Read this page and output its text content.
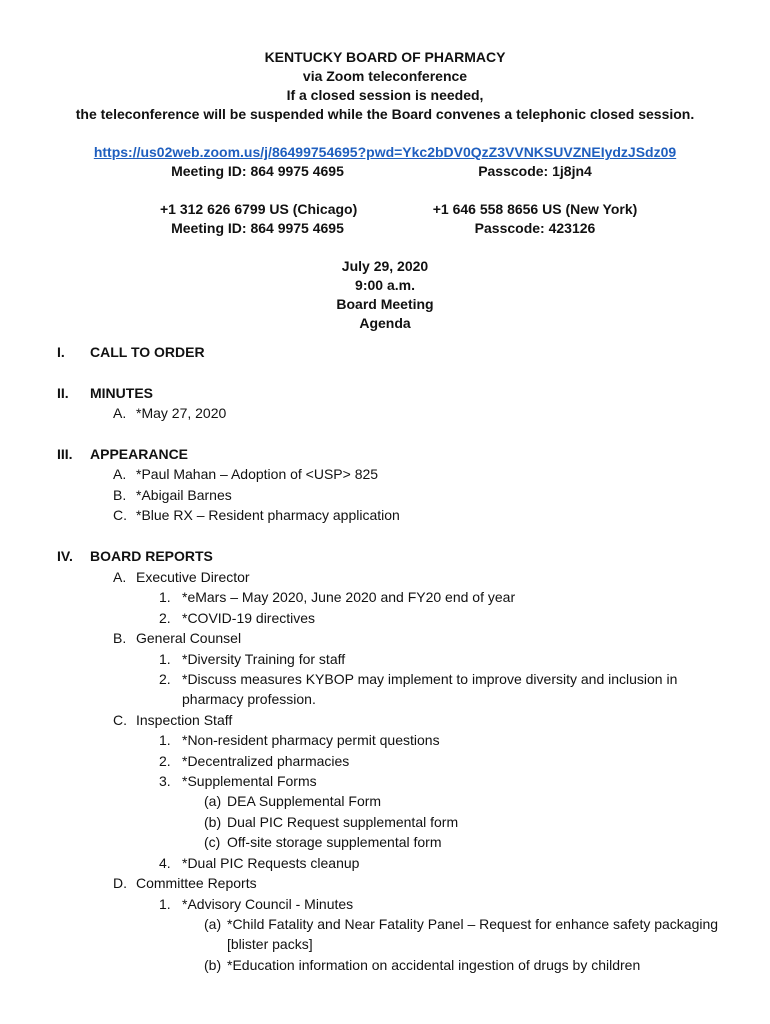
KENTUCKY BOARD OF PHARMACY
via Zoom teleconference
If a closed session is needed,
the teleconference will be suspended while the Board convenes a telephonic closed session.
https://us02web.zoom.us/j/86499754695?pwd=Ykc2bDV0QzZ3VVNKSUVZNEIydzJSdz09
Meeting ID: 864 9975 4695	Passcode: 1j8jn4
+1 312 626 6799 US (Chicago)	+1 646 558 8656 US (New York)
Meeting ID: 864 9975 4695	Passcode: 423126
July 29, 2020
9:00 a.m.
Board Meeting
Agenda
I. CALL TO ORDER
II. MINUTES
A. *May 27, 2020
III. APPEARANCE
A. *Paul Mahan – Adoption of <USP> 825
B. *Abigail Barnes
C. *Blue RX – Resident pharmacy application
IV. BOARD REPORTS
A. Executive Director
1. *eMars – May 2020, June 2020 and FY20 end of year
2. *COVID-19 directives
B. General Counsel
1. *Diversity Training for staff
2. *Discuss measures KYBOP may implement to improve diversity and inclusion in
pharmacy profession.
C. Inspection Staff
1. *Non-resident pharmacy permit questions
2. *Decentralized pharmacies
3. *Supplemental Forms
(a) DEA Supplemental Form
(b) Dual PIC Request supplemental form
(c) Off-site storage supplemental form
4. *Dual PIC Requests cleanup
D. Committee Reports
1. *Advisory Council - Minutes
(a) *Child Fatality and Near Fatality Panel – Request for enhance safety packaging
[blister packs]
(b) *Education information on accidental ingestion of drugs by children
